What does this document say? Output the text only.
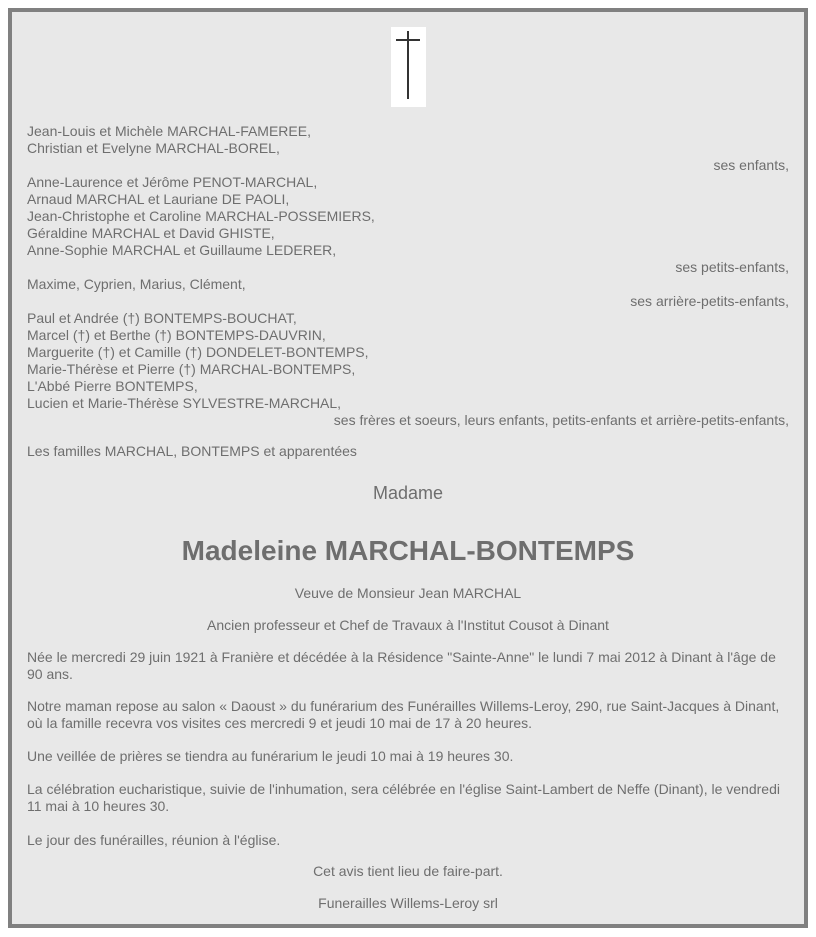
Jean-Louis et Michèle MARCHAL-FAMEREE,
Christian et Evelyne MARCHAL-BOREL,
ses enfants,
Anne-Laurence et Jérôme PENOT-MARCHAL,
Arnaud MARCHAL et Lauriane DE PAOLI,
Jean-Christophe et Caroline MARCHAL-POSSEMIERS,
Géraldine MARCHAL et David GHISTE,
Anne-Sophie MARCHAL et Guillaume LEDERER,
ses petits-enfants,
Maxime, Cyprien, Marius, Clément,
ses arrière-petits-enfants,
Paul et Andrée (†) BONTEMPS-BOUCHAT,
Marcel (†) et Berthe (†) BONTEMPS-DAUVRIN,
Marguerite (†) et Camille (†) DONDELET-BONTEMPS,
Marie-Thérèse et Pierre (†) MARCHAL-BONTEMPS,
L'Abbé Pierre BONTEMPS,
Lucien et Marie-Thérèse SYLVESTRE-MARCHAL,
ses frères et soeurs, leurs enfants, petits-enfants et arrière-petits-enfants,
Les familles MARCHAL, BONTEMPS et apparentées
Madame
Madeleine MARCHAL-BONTEMPS
Veuve de Monsieur Jean MARCHAL
Ancien professeur et Chef de Travaux à l'Institut Cousot à Dinant
Née le mercredi 29 juin 1921 à Franière et décédée à la Résidence "Sainte-Anne" le lundi 7 mai 2012 à Dinant à l'âge de 90 ans.
Notre maman repose au salon « Daoust » du funérarium des Funérailles Willems-Leroy, 290, rue Saint-Jacques à Dinant, où la famille recevra vos visites ces mercredi 9 et jeudi 10 mai de 17 à 20 heures.
Une veillée de prières se tiendra au funérarium le jeudi 10 mai à 19 heures 30.
La célébration eucharistique, suivie de l'inhumation, sera célébrée en l'église Saint-Lambert de Neffe (Dinant), le vendredi 11 mai à 10 heures 30.
Le jour des funérailles, réunion à l'église.
Cet avis tient lieu de faire-part.
Funerailles Willems-Leroy srl
